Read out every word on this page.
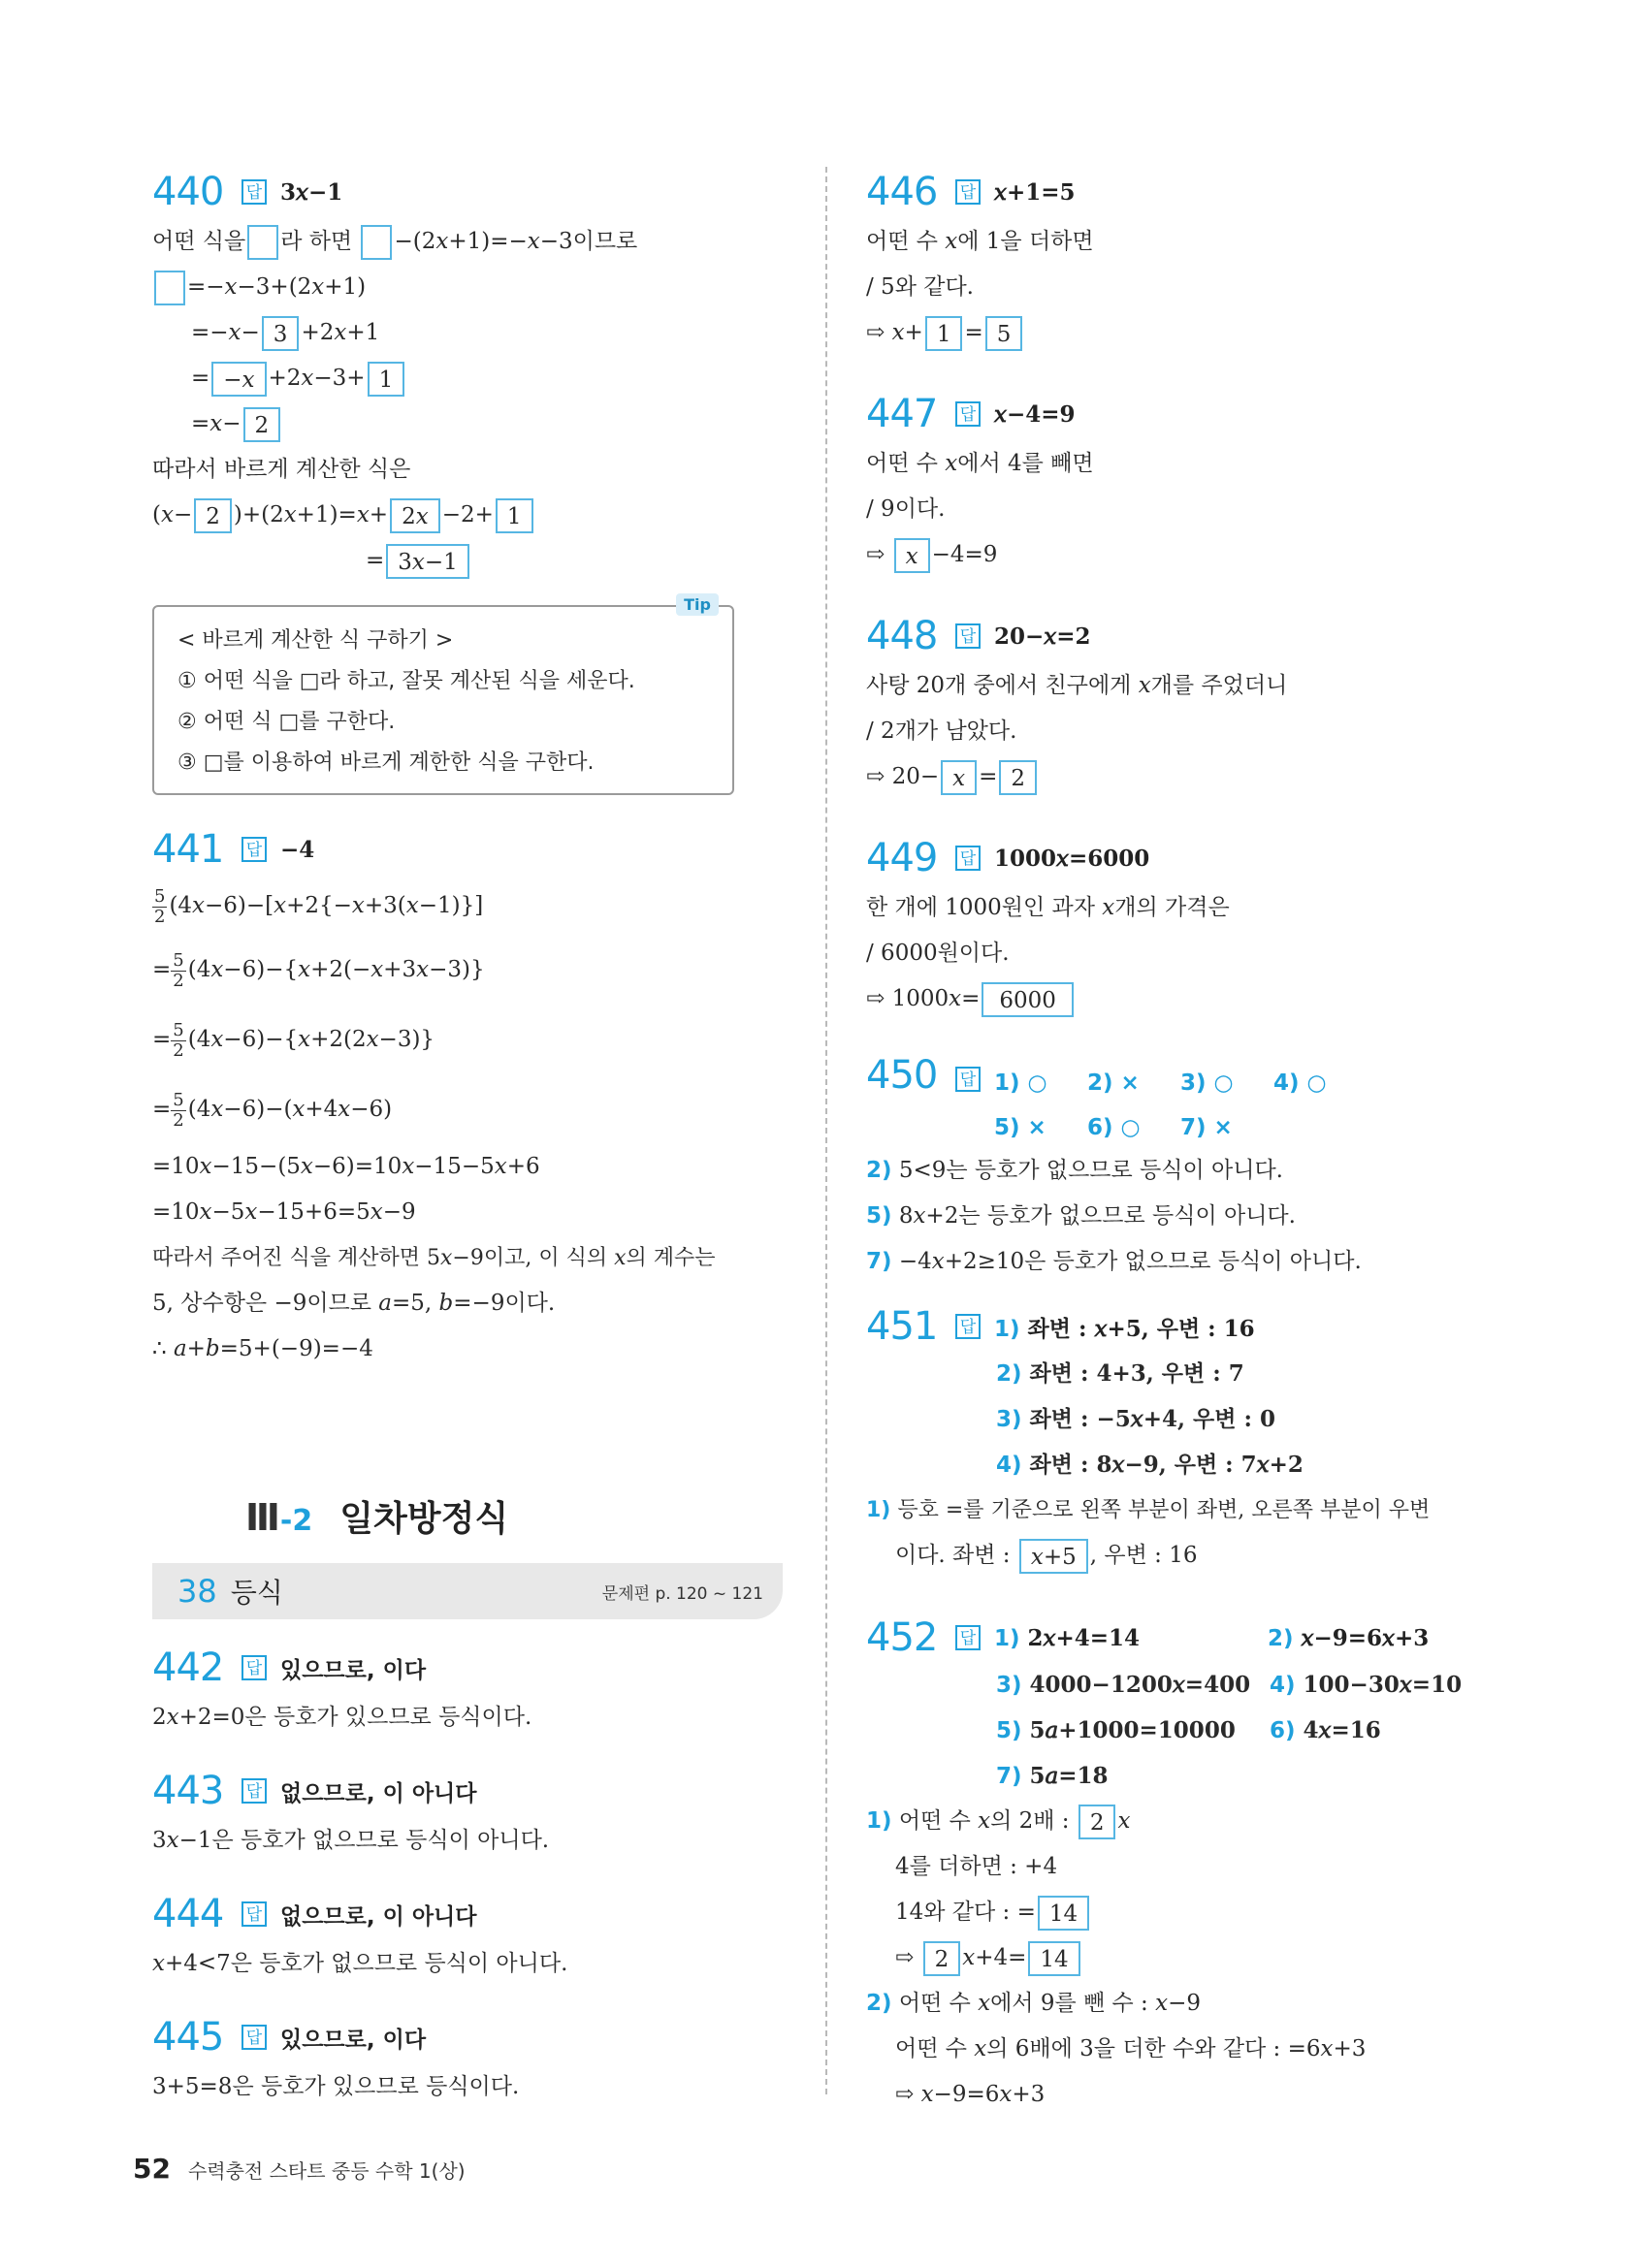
440	답 3𝑥−1
어떤 식을 라 하면 −(2𝑥+1)=−𝑥−3이므로
=−𝑥−3+(2𝑥+1)
=−𝑥− 3 +2𝑥+1
= −𝑥 +2𝑥−3+ 1
=𝑥− 2
따라서 바르게 계산한 식은
(𝑥− 2 )+(2𝑥+1)=𝑥+ 2𝑥 −2+ 1
= 3𝑥−1
Tip
< 바르게 계산한 식 구하기 >
① 어떤 식을 □라 하고, 잘못 계산된 식을 세운다.
② 어떤 식 □를 구한다.
③ □를 이용하여 바르게 계한한 식을 구한다.
441	답 −4
$\frac{5}{2}$ (4𝑥−6)−[𝑥+2{−𝑥+3(𝑥−1)}]
= $\frac{5}{2}$ (4𝑥−6)−{𝑥+2(−𝑥+3𝑥−3)}
= $\frac{5}{2}$ (4𝑥−6)−{𝑥+2(2𝑥−3)}
= $\frac{5}{2}$ (4𝑥−6)−(𝑥+4𝑥−6)
=10𝑥−15−(5𝑥−6)=10𝑥−15−5𝑥+6
=10𝑥−5𝑥−15+6=5𝑥−9
따라서 주어진 식을 계산하면 5𝑥−9이고, 이 식의 𝑥의 계수는
5, 상수항은 −9이므로 𝑎=5, 𝑏=−9이다.
∴ 𝑎+𝑏=5+(−9)=−4
Ⅲ-2 일차방정식
38 등식	문제편 p. 120 ~ 121
442	답 있으므로, 이다
2𝑥+2=0은 등호가 있으므로 등식이다.
443	답 없으므로, 이 아니다
3𝑥−1은 등호가 없으므로 등식이 아니다.
444	답 없으므로, 이 아니다
𝑥+4<7은 등호가 없으므로 등식이 아니다.
445	답 있으므로, 이다
3+5=8은 등호가 있으므로 등식이다.
446	답 𝑥+1=5
어떤 수 𝑥에 1을 더하면
/ 5와 같다.
⇨ 𝑥+ 1 = 5
447	답 𝑥−4=9
어떤 수 𝑥에서 4를 빼면
/ 9이다.
⇨ 𝑥 −4=9
448	답 20−𝑥=2
사탕 20개 중에서 친구에게 𝑥개를 주었더니
/ 2개가 남았다.
⇨ 20− 𝑥 = 2
449	답 1000𝑥=6000
한 개에 1000원인 과자 𝑥개의 가격은
/ 6000원이다.
⇨ 1000𝑥= 6000
450	답 1) ○	2) ×	3) ○	4) ○
5) ×	6) ○	7) ×
2) 5<9는 등호가 없으므로 등식이 아니다.
5) 8𝑥+2는 등호가 없으므로 등식이 아니다.
7) −4𝑥+2≥10은 등호가 없으므로 등식이 아니다.
451	답 1) 좌변 : 𝑥+5, 우변 : 16
2) 좌변 : 4+3, 우변 : 7
3) 좌변 : −5𝑥+4, 우변 : 0
4) 좌변 : 8𝑥−9, 우변 : 7𝑥+2
1) 등호 =를 기준으로 왼쪽 부분이 좌변, 오른쪽 부분이 우변
이다. 좌변 : 𝑥+5 , 우변 : 16
452	답 1) 2𝑥+4=14	2) 𝑥−9=6𝑥+3
3) 4000−1200𝑥=400 4) 100−30𝑥=10
5) 5𝑎+1000=10000 6) 4𝑥=16
7) 5𝑎=18
1) 어떤 수 𝑥의 2배 : 2 𝑥
4를 더하면 : +4
14와 같다 : = 14
⇨ 2 𝑥+4= 14
2) 어떤 수 𝑥에서 9를 뺀 수 : 𝑥−9
어떤 수 𝑥의 6배에 3을 더한 수와 같다 : =6𝑥+3
⇨ 𝑥−9=6𝑥+3
52 수력충전 스타트 중등 수학 1(상)
